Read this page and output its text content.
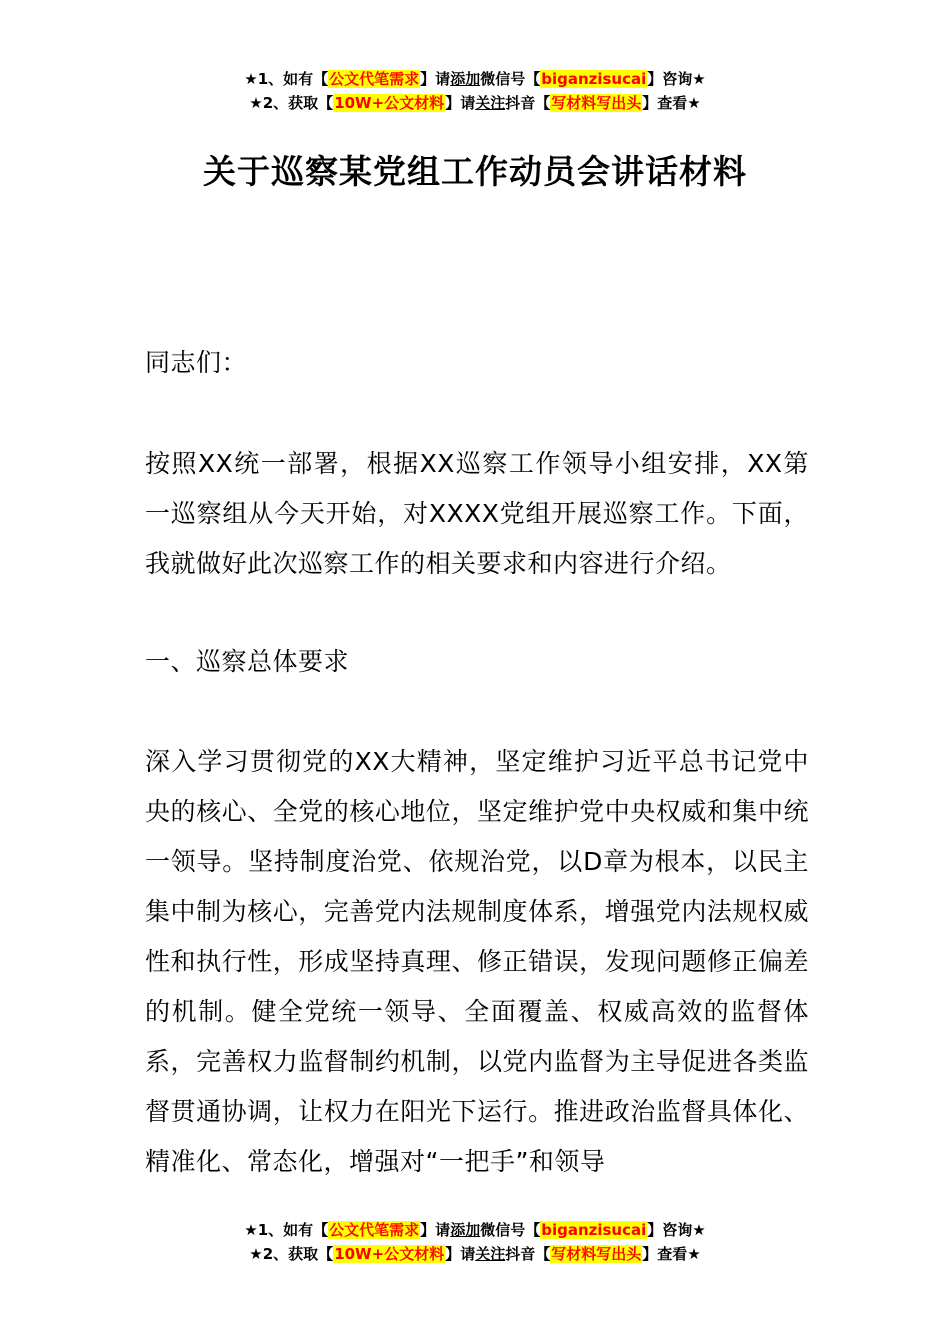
★1、如有【公文代笔需求】请添加微信号【biganzisucai】咨询★
★2、获取【10W+公文材料】请关注抖音【写材料写出头】查看★
关于巡察某党组工作动员会讲话材料
同志们：
按照XX统一部署，根据XX巡察工作领导小组安排，XX第一巡察组从今天开始，对XXXX党组开展巡察工作。下面，我就做好此次巡察工作的相关要求和内容进行介绍。
一、巡察总体要求
深入学习贯彻党的XX大精神，坚定维护习近平总书记党中央的核心、全党的核心地位，坚定维护党中央权威和集中统一领导。坚持制度治党、依规治党，以D章为根本，以民主集中制为核心，完善党内法规制度体系，增强党内法规权威性和执行性，形成坚持真理、修正错误，发现问题修正偏差的机制。健全党统一领导、全面覆盖、权威高效的监督体系，完善权力监督制约机制，以党内监督为主导促进各类监督贯通协调，让权力在阳光下运行。推进政治监督具体化、精准化、常态化，增强对“一把手”和领导
★1、如有【公文代笔需求】请添加微信号【biganzisucai】咨询★
★2、获取【10W+公文材料】请关注抖音【写材料写出头】查看★
